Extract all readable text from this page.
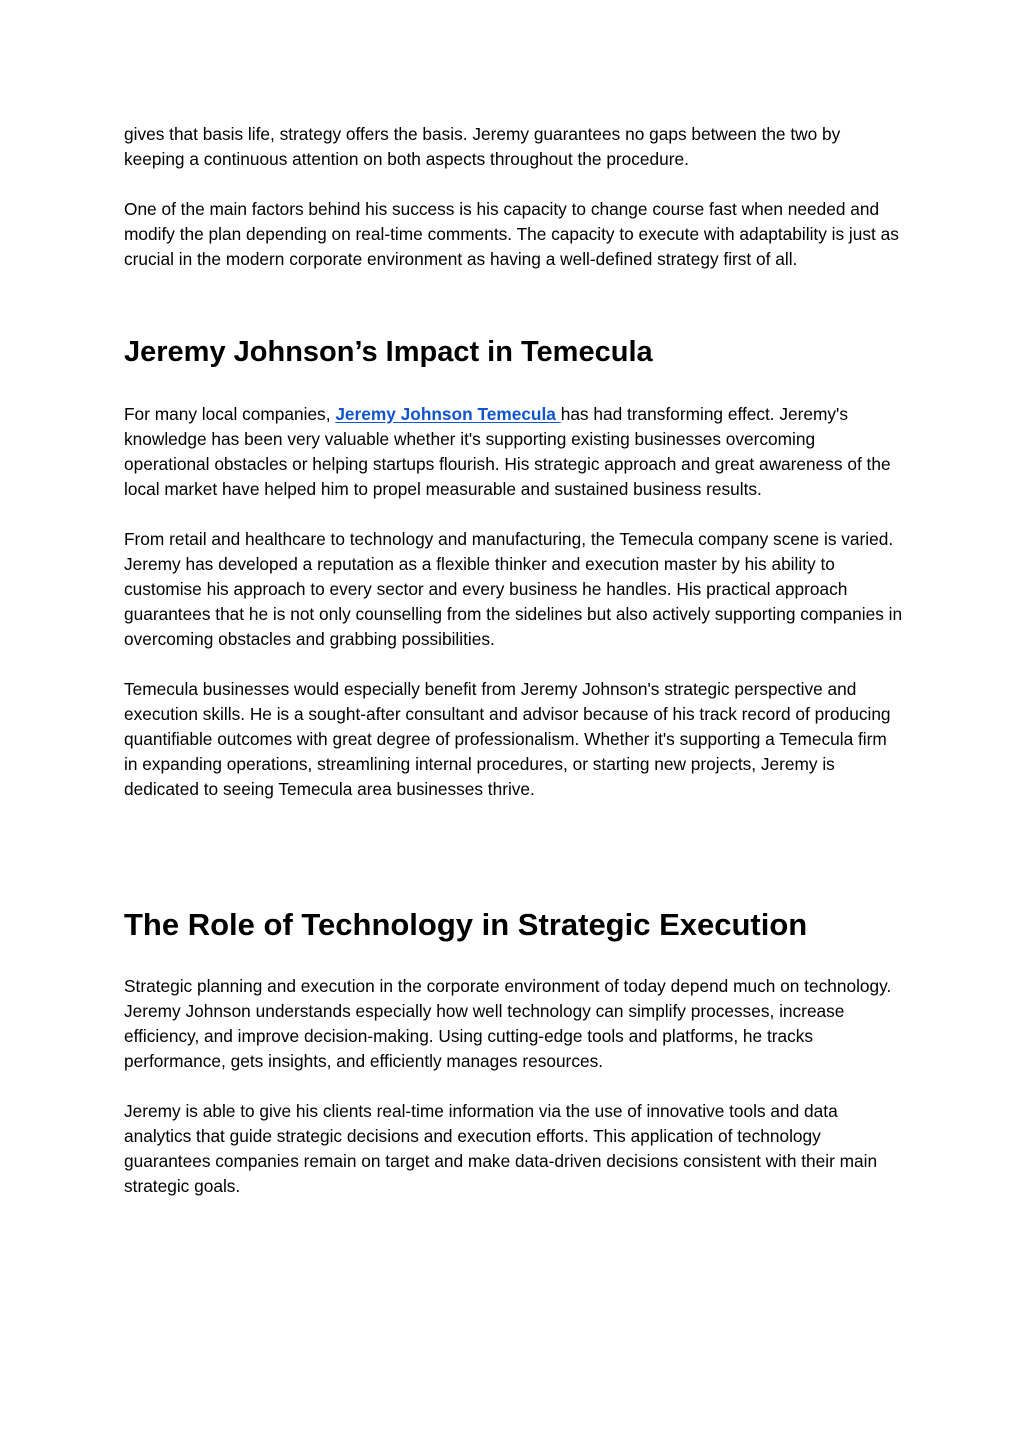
gives that basis life, strategy offers the basis. Jeremy guarantees no gaps between the two by keeping a continuous attention on both aspects throughout the procedure.

One of the main factors behind his success is his capacity to change course fast when needed and modify the plan depending on real-time comments. The capacity to execute with adaptability is just as crucial in the modern corporate environment as having a well-defined strategy first of all.

Jeremy Johnson’s Impact in Temecula

For many local companies, Jeremy Johnson Temecula has had transforming effect. Jeremy's knowledge has been very valuable whether it's supporting existing businesses overcoming operational obstacles or helping startups flourish. His strategic approach and great awareness of the local market have helped him to propel measurable and sustained business results.

From retail and healthcare to technology and manufacturing, the Temecula company scene is varied. Jeremy has developed a reputation as a flexible thinker and execution master by his ability to customise his approach to every sector and every business he handles. His practical approach guarantees that he is not only counselling from the sidelines but also actively supporting companies in overcoming obstacles and grabbing possibilities.

Temecula businesses would especially benefit from Jeremy Johnson's strategic perspective and execution skills. He is a sought-after consultant and advisor because of his track record of producing quantifiable outcomes with great degree of professionalism. Whether it's supporting a Temecula firm in expanding operations, streamlining internal procedures, or starting new projects, Jeremy is dedicated to seeing Temecula area businesses thrive.

The Role of Technology in Strategic Execution

Strategic planning and execution in the corporate environment of today depend much on technology. Jeremy Johnson understands especially how well technology can simplify processes, increase efficiency, and improve decision-making. Using cutting-edge tools and platforms, he tracks performance, gets insights, and efficiently manages resources.

Jeremy is able to give his clients real-time information via the use of innovative tools and data analytics that guide strategic decisions and execution efforts. This application of technology guarantees companies remain on target and make data-driven decisions consistent with their main strategic goals.
